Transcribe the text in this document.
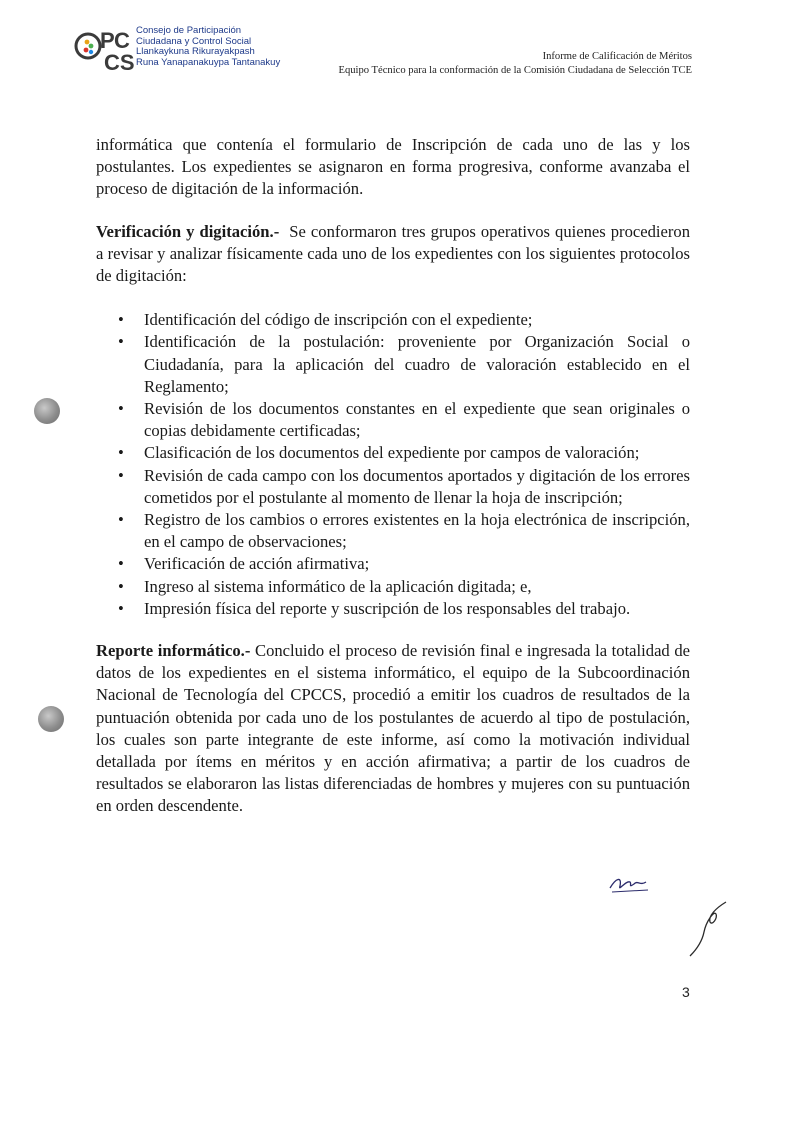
P C
CS
Consejo de Participación
Ciudadana y Control Social
Llankaykuna Rikurayakpash
Runa Yanapanakuypa Tantanakuy
Informe de Calificación de Méritos
Equipo Técnico para la conformación de la Comisión Ciudadana de Selección TCE

informática que contenía el formulario de Inscripción de cada uno de las y los postulantes. Los expedientes se asignaron en forma progresiva, conforme avanzaba el proceso de digitación de la información.

Verificación y digitación.- Se conformaron tres grupos operativos quienes procedieron a revisar y analizar físicamente cada uno de los expedientes con los siguientes protocolos de digitación:

• Identificación del código de inscripción con el expediente;
• Identificación de la postulación: proveniente por Organización Social o Ciudadanía, para la aplicación del cuadro de valoración establecido en el Reglamento;
• Revisión de los documentos constantes en el expediente que sean originales o copias debidamente certificadas;
• Clasificación de los documentos del expediente por campos de valoración;
• Revisión de cada campo con los documentos aportados y digitación de los errores cometidos por el postulante al momento de llenar la hoja de inscripción;
• Registro de los cambios o errores existentes en la hoja electrónica de inscripción, en el campo de observaciones;
• Verificación de acción afirmativa;
• Ingreso al sistema informático de la aplicación digitada; e,
• Impresión física del reporte y suscripción de los responsables del trabajo.

Reporte informático.- Concluido el proceso de revisión final e ingresada la totalidad de datos de los expedientes en el sistema informático, el equipo de la Subcoordinación Nacional de Tecnología del CPCCS, procedió a emitir los cuadros de resultados de la puntuación obtenida por cada uno de los postulantes de acuerdo al tipo de postulación, los cuales son parte integrante de este informe, así como la motivación individual detallada por ítems en méritos y en acción afirmativa; a partir de los cuadros de resultados se elaboraron las listas diferenciadas de hombres y mujeres con su puntuación en orden descendente.

3
